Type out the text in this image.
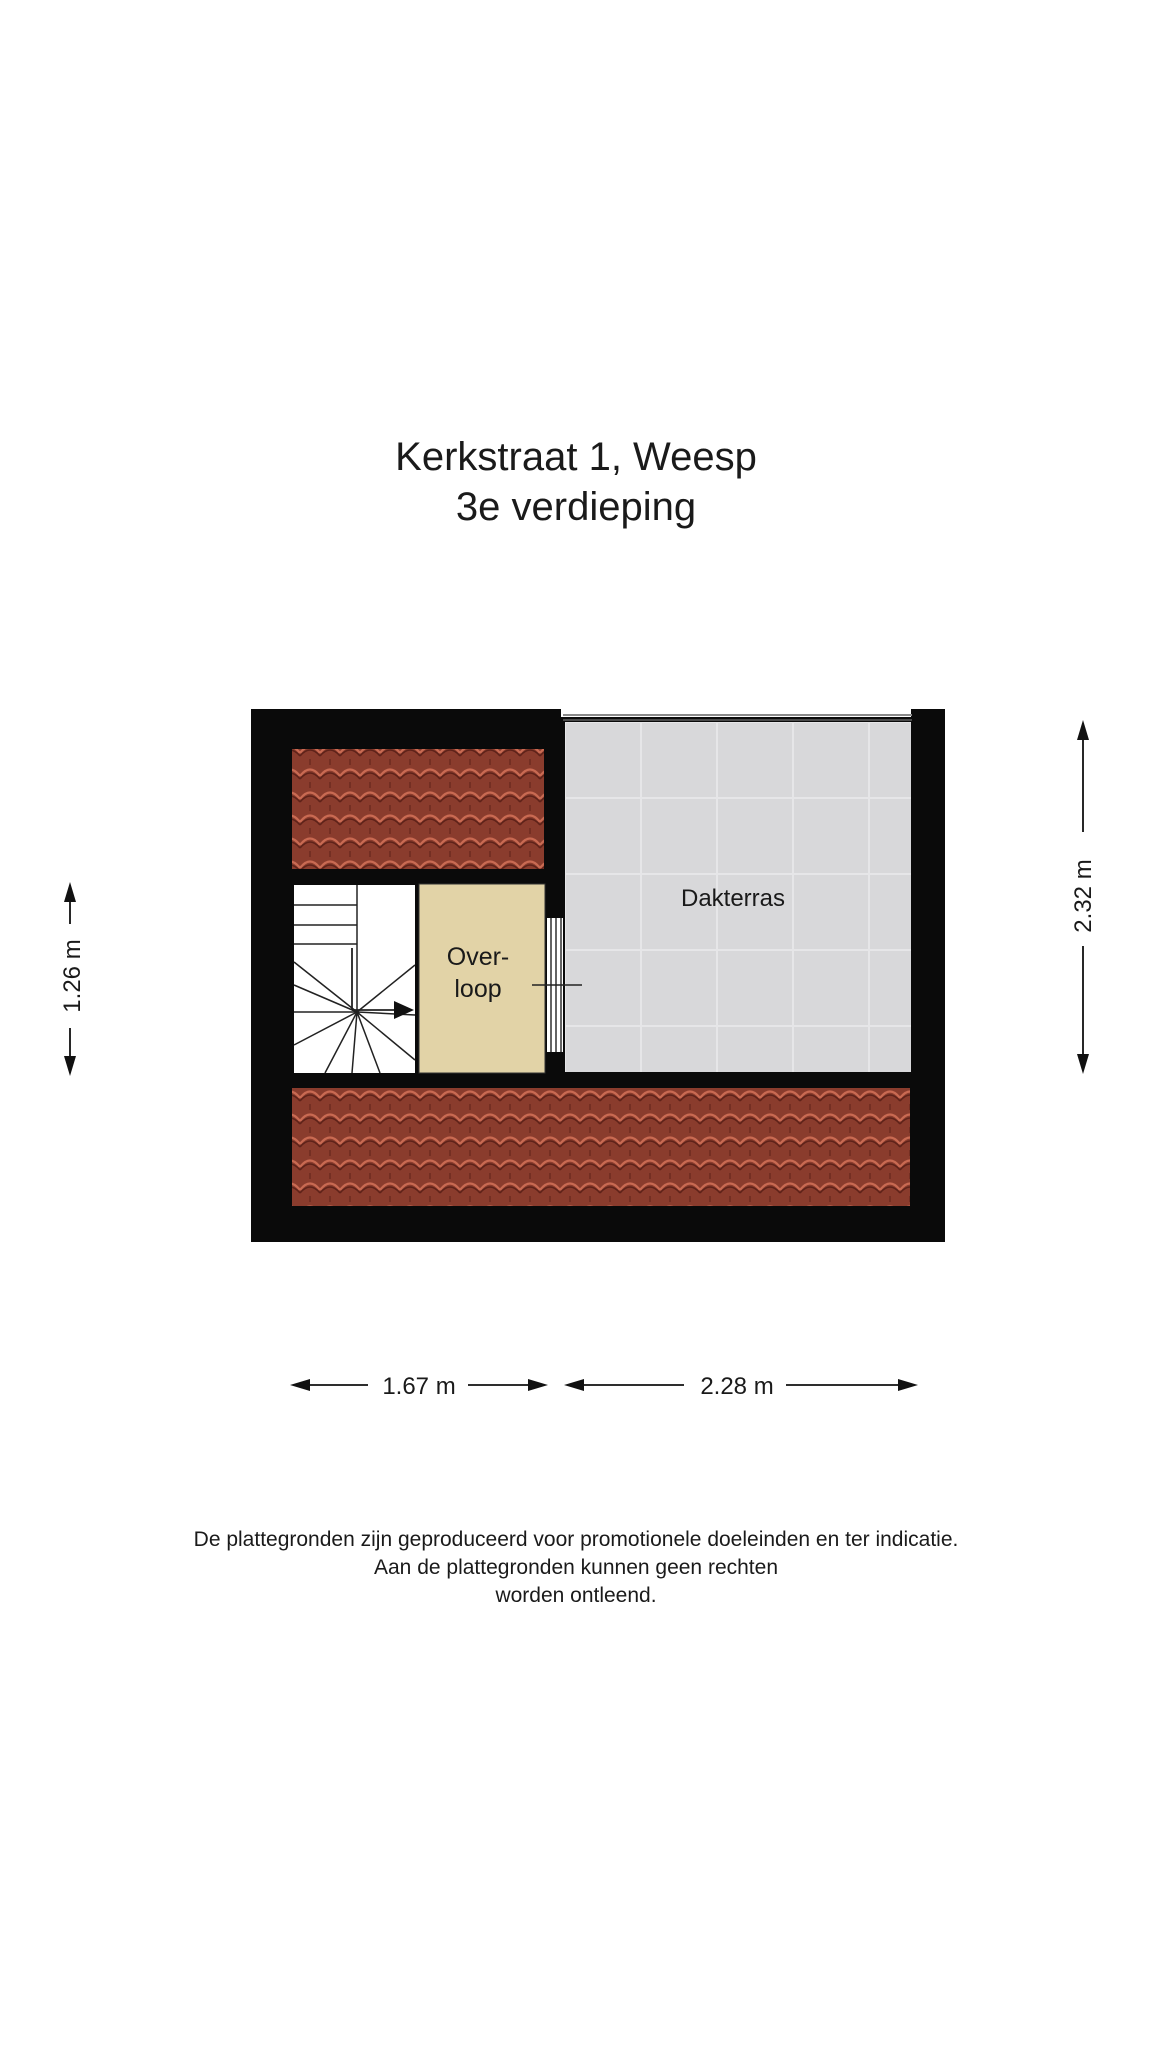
Kerkstraat 1, Weesp
3e verdieping
Dakterras
Over-
loop
1.26 m
2.32 m
1.67 m	2.28 m
De plattegronden zijn geproduceerd voor promotionele doeleinden en ter indicatie.
Aan de plattegronden kunnen geen rechten
worden ontleend.
